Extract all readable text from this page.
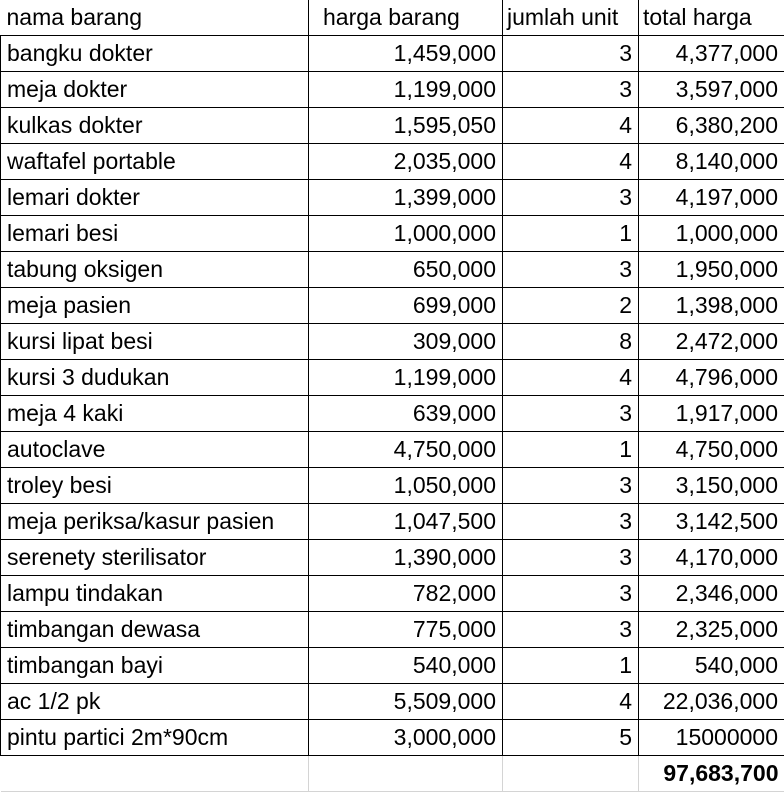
nama barang	harga barang	jumlah unit	total harga
bangku dokter	1,459,000	3	4,377,000
meja dokter	1,199,000	3	3,597,000
kulkas dokter	1,595,050	4	6,380,200
waftafel portable	2,035,000	4	8,140,000
lemari dokter	1,399,000	3	4,197,000
lemari besi	1,000,000	1	1,000,000
tabung oksigen	650,000	3	1,950,000
meja pasien	699,000	2	1,398,000
kursi lipat besi	309,000	8	2,472,000
kursi 3 dudukan	1,199,000	4	4,796,000
meja 4 kaki	639,000	3	1,917,000
autoclave	4,750,000	1	4,750,000
troley besi	1,050,000	3	3,150,000
meja periksa/kasur pasien	1,047,500	3	3,142,500
serenety sterilisator	1,390,000	3	4,170,000
lampu tindakan	782,000	3	2,346,000
timbangan dewasa	775,000	3	2,325,000
timbangan bayi	540,000	1	540,000
ac 1/2 pk	5,509,000	4	22,036,000
pintu partici 2m*90cm	3,000,000	5	15000000
			97,683,700
